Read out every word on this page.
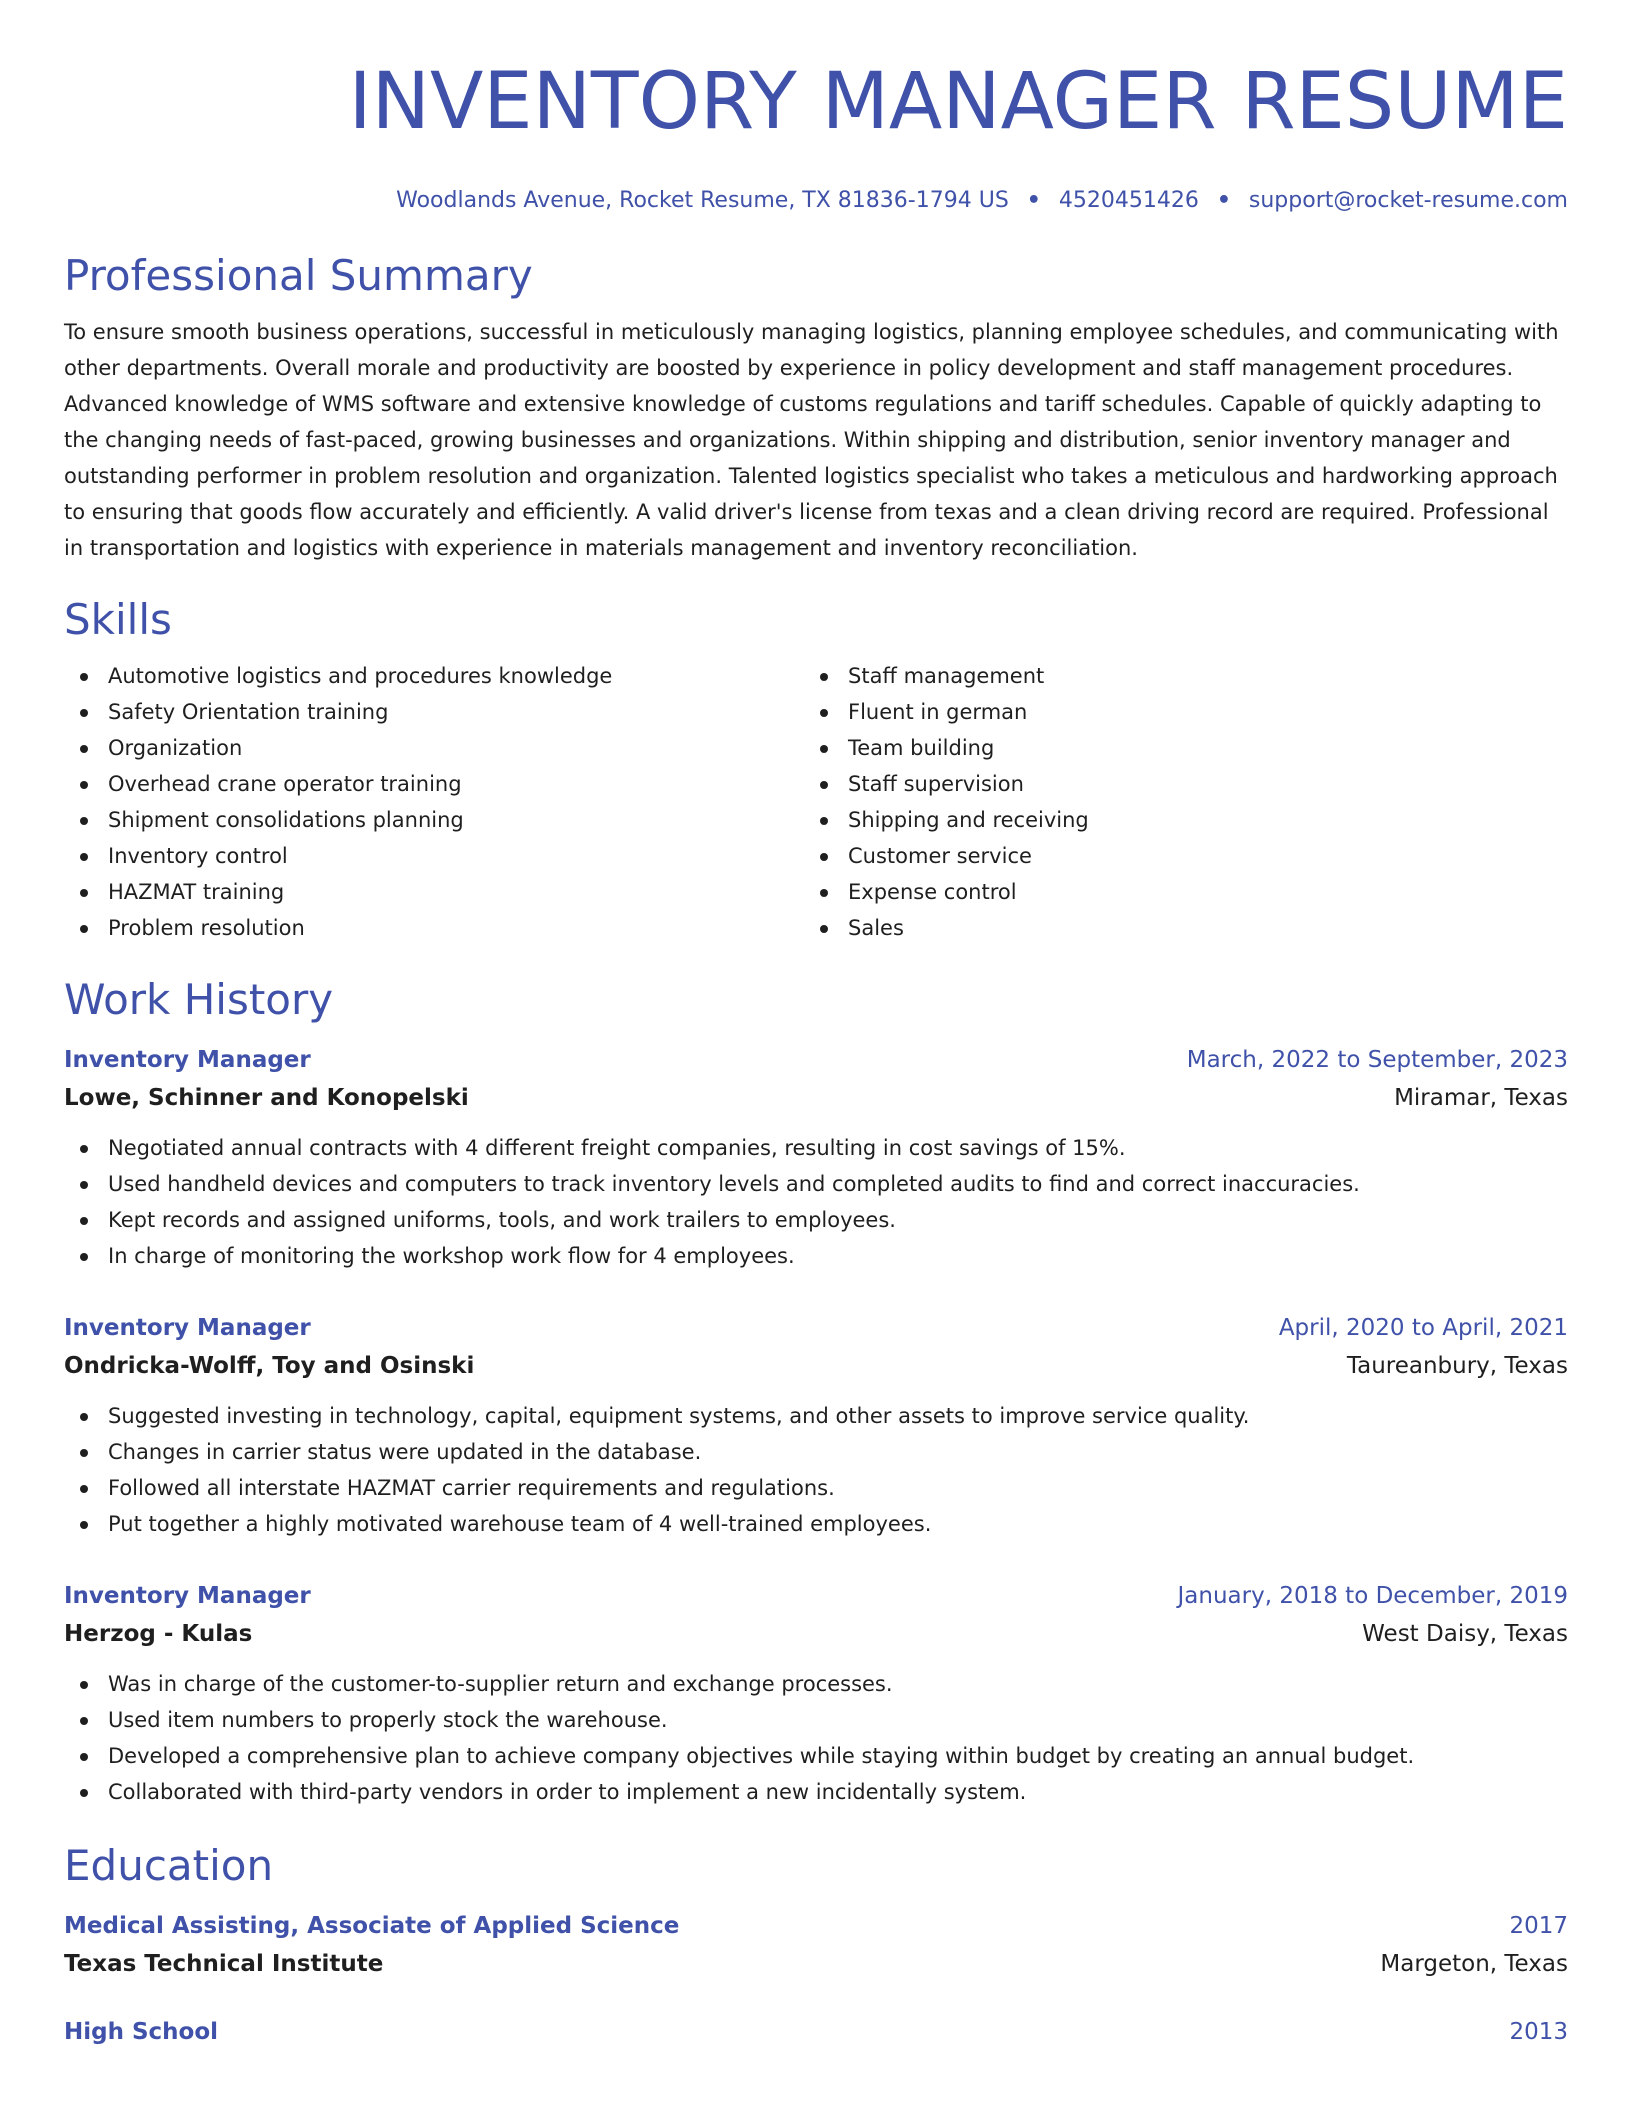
INVENTORY MANAGER RESUME
Woodlands Avenue, Rocket Resume, TX 81836-1794 US • 4520451426 • support@rocket-resume.com
Professional Summary

To ensure smooth business operations, successful in meticulously managing logistics, planning employee schedules, and communicating with other departments. Overall morale and productivity are boosted by experience in policy development and staff management procedures. Advanced knowledge of WMS software and extensive knowledge of customs regulations and tariff schedules. Capable of quickly adapting to the changing needs of fast-paced, growing businesses and organizations. Within shipping and distribution, senior inventory manager and outstanding performer in problem resolution and organization. Talented logistics specialist who takes a meticulous and hardworking approach to ensuring that goods flow accurately and efficiently. A valid driver's license from texas and a clean driving record are required. Professional in transportation and logistics with experience in materials management and inventory reconciliation.

Skills
Automotive logistics and procedures knowledge
Safety Orientation training
Organization
Overhead crane operator training
Shipment consolidations planning
Inventory control
HAZMAT training
Problem resolution
Staff management
Fluent in german
Team building
Staff supervision
Shipping and receiving
Customer service
Expense control
Sales
Work History
Inventory Manager	March, 2022 to September, 2023
Lowe, Schinner and Konopelski	Miramar, Texas
Negotiated annual contracts with 4 different freight companies, resulting in cost savings of 15%.
Used handheld devices and computers to track inventory levels and completed audits to find and correct inaccuracies.
Kept records and assigned uniforms, tools, and work trailers to employees.
In charge of monitoring the workshop work flow for 4 employees.
Inventory Manager	April, 2020 to April, 2021
Ondricka-Wolff, Toy and Osinski	Taureanbury, Texas
Suggested investing in technology, capital, equipment systems, and other assets to improve service quality.
Changes in carrier status were updated in the database.
Followed all interstate HAZMAT carrier requirements and regulations.
Put together a highly motivated warehouse team of 4 well-trained employees.
Inventory Manager	January, 2018 to December, 2019
Herzog - Kulas	West Daisy, Texas
Was in charge of the customer-to-supplier return and exchange processes.
Used item numbers to properly stock the warehouse.
Developed a comprehensive plan to achieve company objectives while staying within budget by creating an annual budget.
Collaborated with third-party vendors in order to implement a new incidentally system.
Education
Medical Assisting, Associate of Applied Science	2017
Texas Technical Institute	Margeton, Texas
High School	2013
